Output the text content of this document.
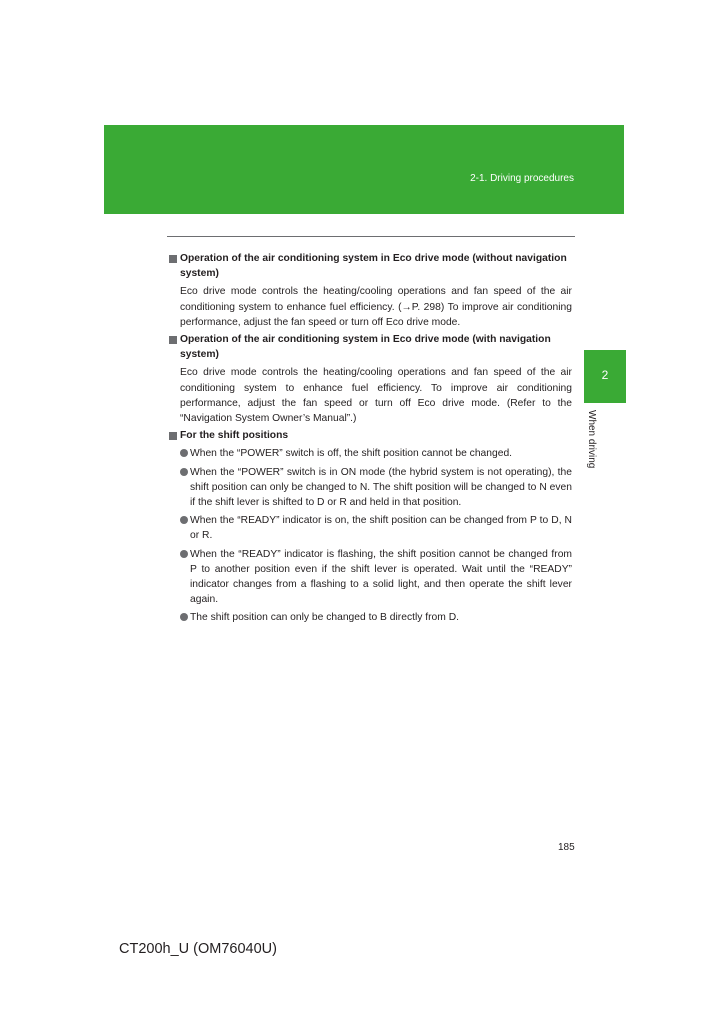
2-1. Driving procedures
2
When driving
Operation of the air conditioning system in Eco drive mode (without navigation system)
Eco drive mode controls the heating/cooling operations and fan speed of the air conditioning system to enhance fuel efficiency. (→P. 298) To improve air conditioning performance, adjust the fan speed or turn off Eco drive mode.
Operation of the air conditioning system in Eco drive mode (with navigation system)
Eco drive mode controls the heating/cooling operations and fan speed of the air conditioning system to enhance fuel efficiency. To improve air conditioning performance, adjust the fan speed or turn off Eco drive mode. (Refer to the “Navigation System Owner’s Manual”.)
For the shift positions
When the “POWER” switch is off, the shift position cannot be changed.
When the “POWER” switch is in ON mode (the hybrid system is not operating), the shift position can only be changed to N. The shift position will be changed to N even if the shift lever is shifted to D or R and held in that position.
When the “READY” indicator is on, the shift position can be changed from P to D, N or R.
When the “READY” indicator is flashing, the shift position cannot be changed from P to another position even if the shift lever is operated. Wait until the “READY” indicator changes from a flashing to a solid light, and then operate the shift lever again.
The shift position can only be changed to B directly from D.
185
CT200h_U (OM76040U)
